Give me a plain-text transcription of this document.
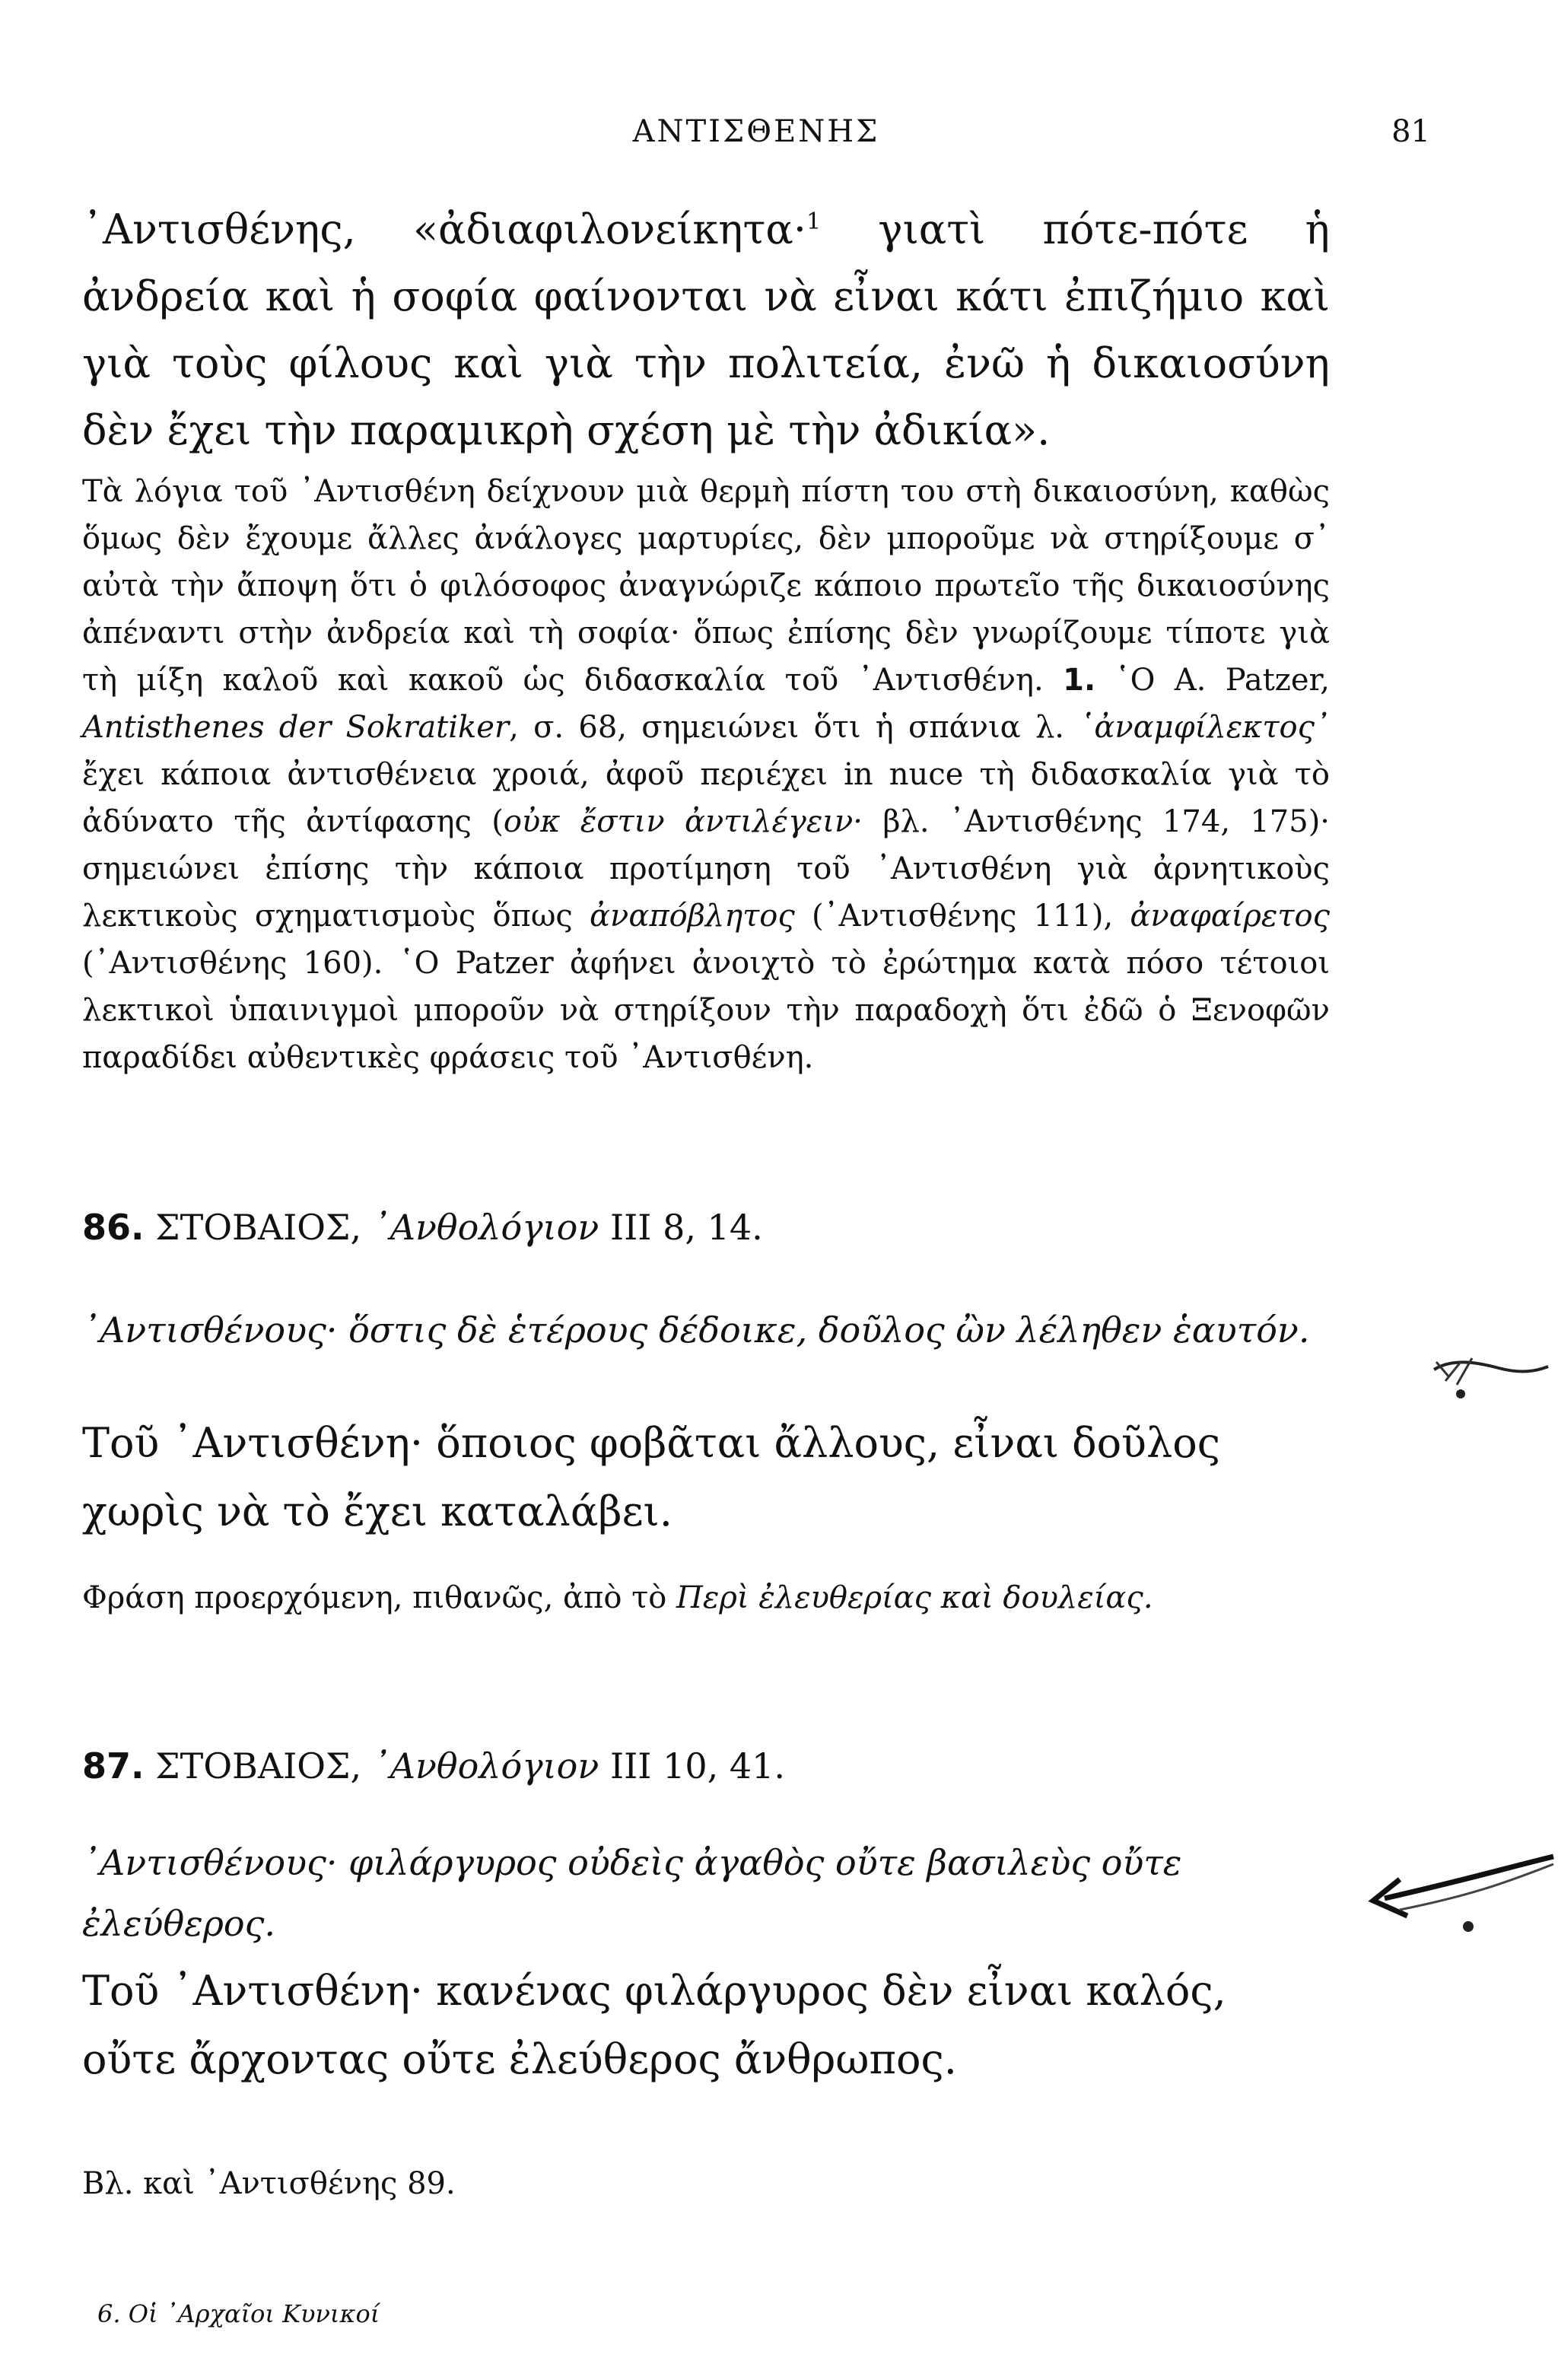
ΑΝΤΙΣΘΕΝΗΣ	81
᾿Αντισθένης, «ἀδιαφιλονείκητα·$^1$ γιατὶ πότε-πότε ἡ ἀνδρεία καὶ ἡ σοφία φαίνονται νὰ εἶναι κάτι ἐπιζήμιο καὶ γιὰ τοὺς φίλους καὶ γιὰ τὴν πολιτεία, ἐνῶ ἡ δικαιοσύνη δὲν ἔχει τὴν παραμικρὴ σχέση μὲ τὴν ἀδικία».
Τὰ λόγια τοῦ ᾿Αντισθένη δείχνουν μιὰ θερμὴ πίστη του στὴ δικαιοσύνη, καθὼς ὅμως δὲν ἔχουμε ἄλλες ἀνάλογες μαρτυρίες, δὲν μποροῦμε νὰ στηρίξουμε σ᾿ αὐτὰ τὴν ἄποψη ὅτι ὁ φιλόσοφος ἀναγνώριζε κάποιο πρωτεῖο τῆς δικαιοσύνης ἀπέναντι στὴν ἀνδρεία καὶ τὴ σοφία· ὅπως ἐπίσης δὲν γνωρίζουμε τίποτε γιὰ τὴ μίξη καλοῦ καὶ κακοῦ ὡς διδασκαλία τοῦ ᾿Αντισθένη. 1. ῾Ο A. Patzer, Antisthenes der Sokratiker, σ. 68, σημειώνει ὅτι ἡ σπάνια λ. ῾ἀναμφίλεκτος᾿ ἔχει κάποια ἀντισθένεια χροιά, ἀφοῦ περιέχει in nuce τὴ διδασκαλία γιὰ τὸ ἀδύνατο τῆς ἀντίφασης (οὐκ ἔστιν ἀντιλέγειν· βλ. ᾿Αντισθένης 174, 175)· σημειώνει ἐπίσης τὴν κάποια προτίμηση τοῦ ᾿Αντισθένη γιὰ ἀρνητικοὺς λεκτικοὺς σχηματισμοὺς ὅπως ἀναπόβλητος (᾿Αντισθένης 111), ἀναφαίρετος (᾿Αντισθένης 160). ῾Ο Patzer ἀφήνει ἀνοιχτὸ τὸ ἐρώτημα κατὰ πόσο τέτοιοι λεκτικοὶ ὑπαινιγμοὶ μποροῦν νὰ στηρίξουν τὴν παραδοχὴ ὅτι ἐδῶ ὁ Ξενοφῶν παραδίδει αὐθεντικὲς φράσεις τοῦ ᾿Αντισθένη.
86. ΣΤΟΒΑΙΟΣ, ᾿Ανθολόγιον III 8, 14.
᾿Αντισθένους· ὅστις δὲ ἑτέρους δέδοικε, δοῦλος ὢν λέληθεν ἑαυτόν.
Τοῦ ᾿Αντισθένη· ὅποιος φοβᾶται ἄλλους, εἶναι δοῦλος χωρὶς νὰ τὸ ἔχει καταλάβει.
Φράση προερχόμενη, πιθανῶς, ἀπὸ τὸ Περὶ ἐλευθερίας καὶ δουλείας.
87. ΣΤΟΒΑΙΟΣ, ᾿Ανθολόγιον III 10, 41.
᾿Αντισθένους· φιλάργυρος οὐδεὶς ἀγαθὸς οὔτε βασιλεὺς οὔτε ἐλεύθερος.
Τοῦ ᾿Αντισθένη· κανένας φιλάργυρος δὲν εἶναι καλός, οὔτε ἄρχοντας οὔτε ἐλεύθερος ἄνθρωπος.
Βλ. καὶ ᾿Αντισθένης 89.
6. Οἱ ᾿Αρχαῖοι Κυνικοί
